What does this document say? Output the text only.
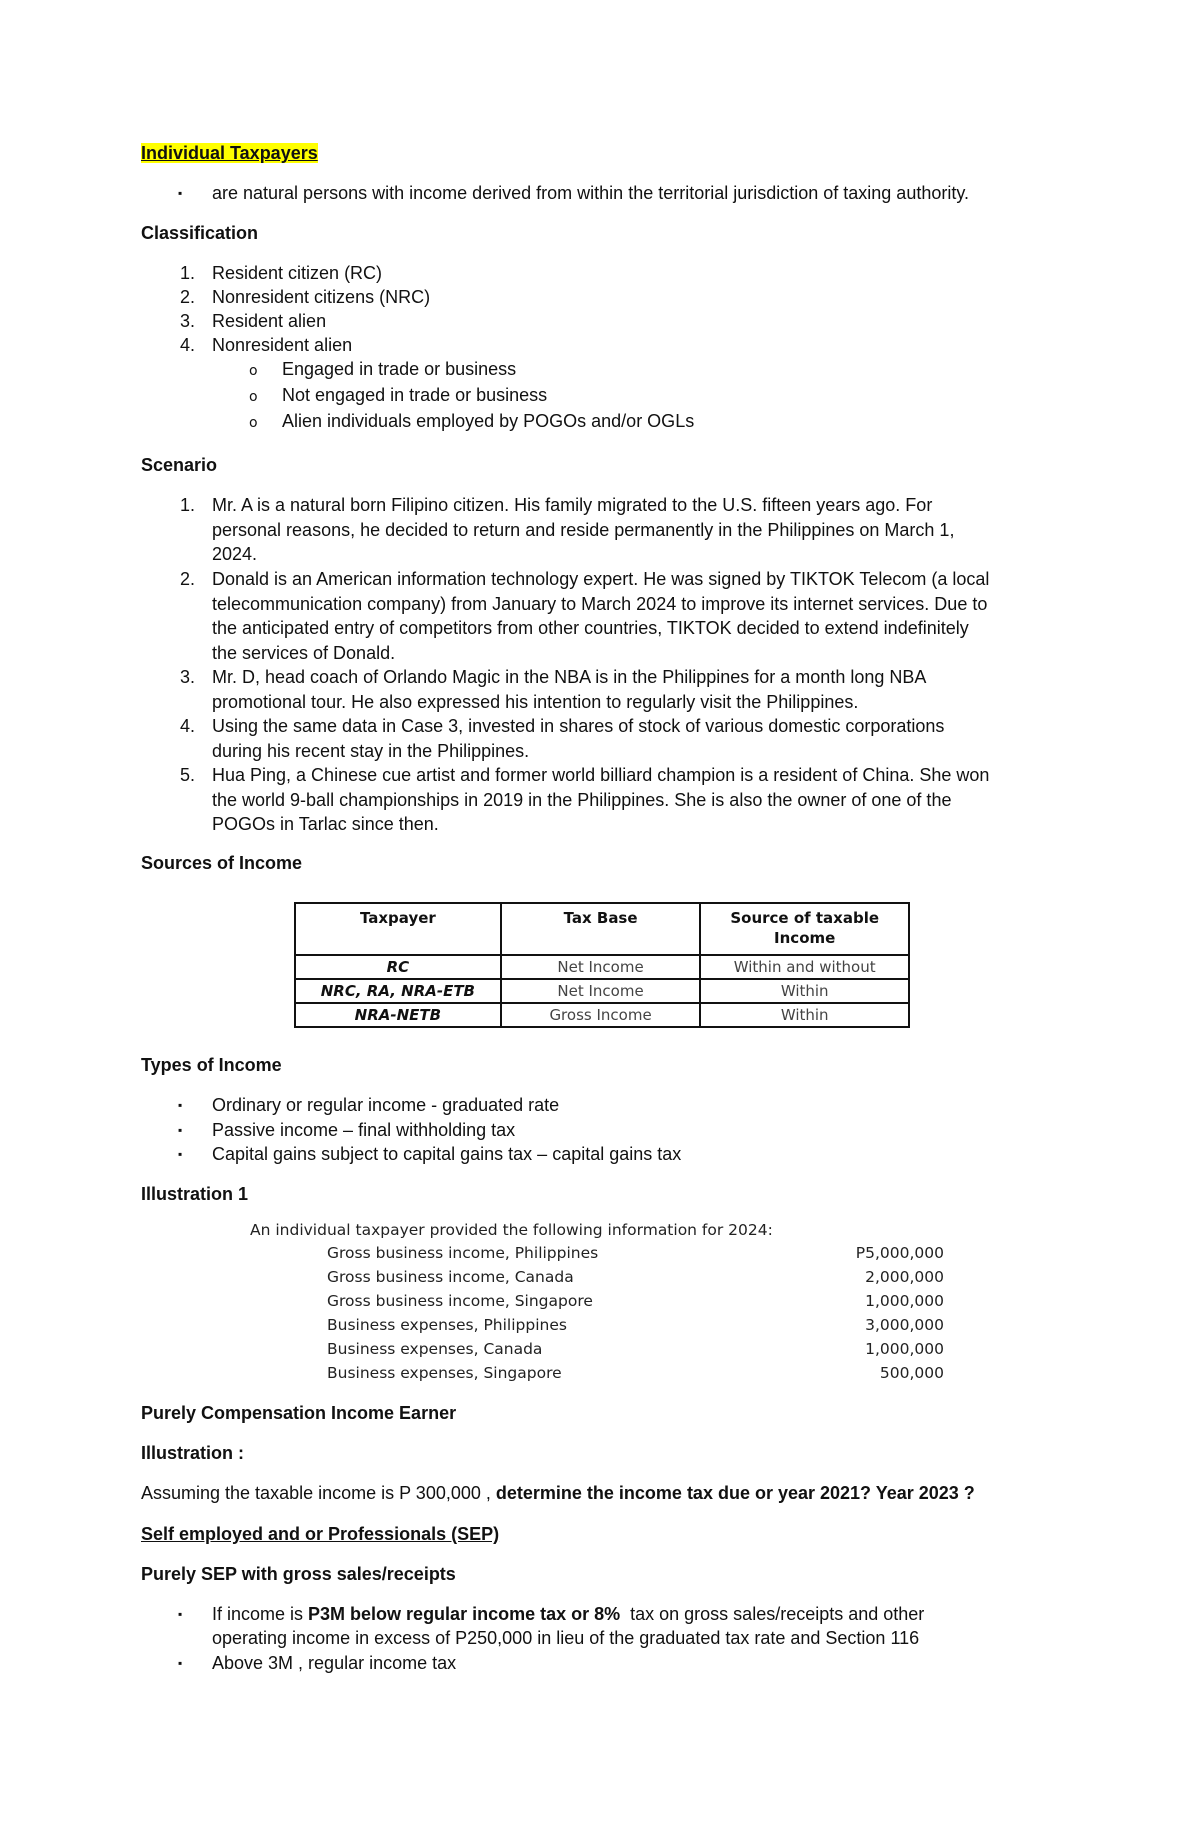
Individual Taxpayers
▪ are natural persons with income derived from within the territorial jurisdiction of taxing authority.
Classification
1. Resident citizen (RC)
2. Nonresident citizens (NRC)
3. Resident alien
4. Nonresident alien
o Engaged in trade or business
o Not engaged in trade or business
o Alien individuals employed by POGOs and/or OGLs
Scenario
1. Mr. A is a natural born Filipino citizen. His family migrated to the U.S. fifteen years ago. For
personal reasons, he decided to return and reside permanently in the Philippines on March 1,
2024.
2. Donald is an American information technology expert. He was signed by TIKTOK Telecom (a local
telecommunication company) from January to March 2024 to improve its internet services. Due to
the anticipated entry of competitors from other countries, TIKTOK decided to extend indefinitely
the services of Donald.
3. Mr. D, head coach of Orlando Magic in the NBA is in the Philippines for a month long NBA
promotional tour. He also expressed his intention to regularly visit the Philippines.
4. Using the same data in Case 3, invested in shares of stock of various domestic corporations
during his recent stay in the Philippines.
5. Hua Ping, a Chinese cue artist and former world billiard champion is a resident of China. She won
the world 9-ball championships in 2019 in the Philippines. She is also the owner of one of the
POGOs in Tarlac since then.
Sources of Income
Taxpayer	Tax Base	Source of taxable Income
RC	Net Income	Within and without
NRC, RA, NRA-ETB	Net Income	Within
NRA-NETB	Gross Income	Within
Types of Income
▪ Ordinary or regular income - graduated rate
▪ Passive income – final withholding tax
▪ Capital gains subject to capital gains tax – capital gains tax
Illustration 1
An individual taxpayer provided the following information for 2024:
Gross business income, Philippines	P5,000,000
Gross business income, Canada	2,000,000
Gross business income, Singapore	1,000,000
Business expenses, Philippines	3,000,000
Business expenses, Canada	1,000,000
Business expenses, Singapore	500,000
Purely Compensation Income Earner
Illustration :
Assuming the taxable income is P 300,000 , determine the income tax due or year 2021? Year 2023 ?
Self employed and or Professionals (SEP)
Purely SEP with gross sales/receipts
▪ If income is P3M below regular income tax or 8%  tax on gross sales/receipts and other
operating income in excess of P250,000 in lieu of the graduated tax rate and Section 116
▪ Above 3M , regular income tax
